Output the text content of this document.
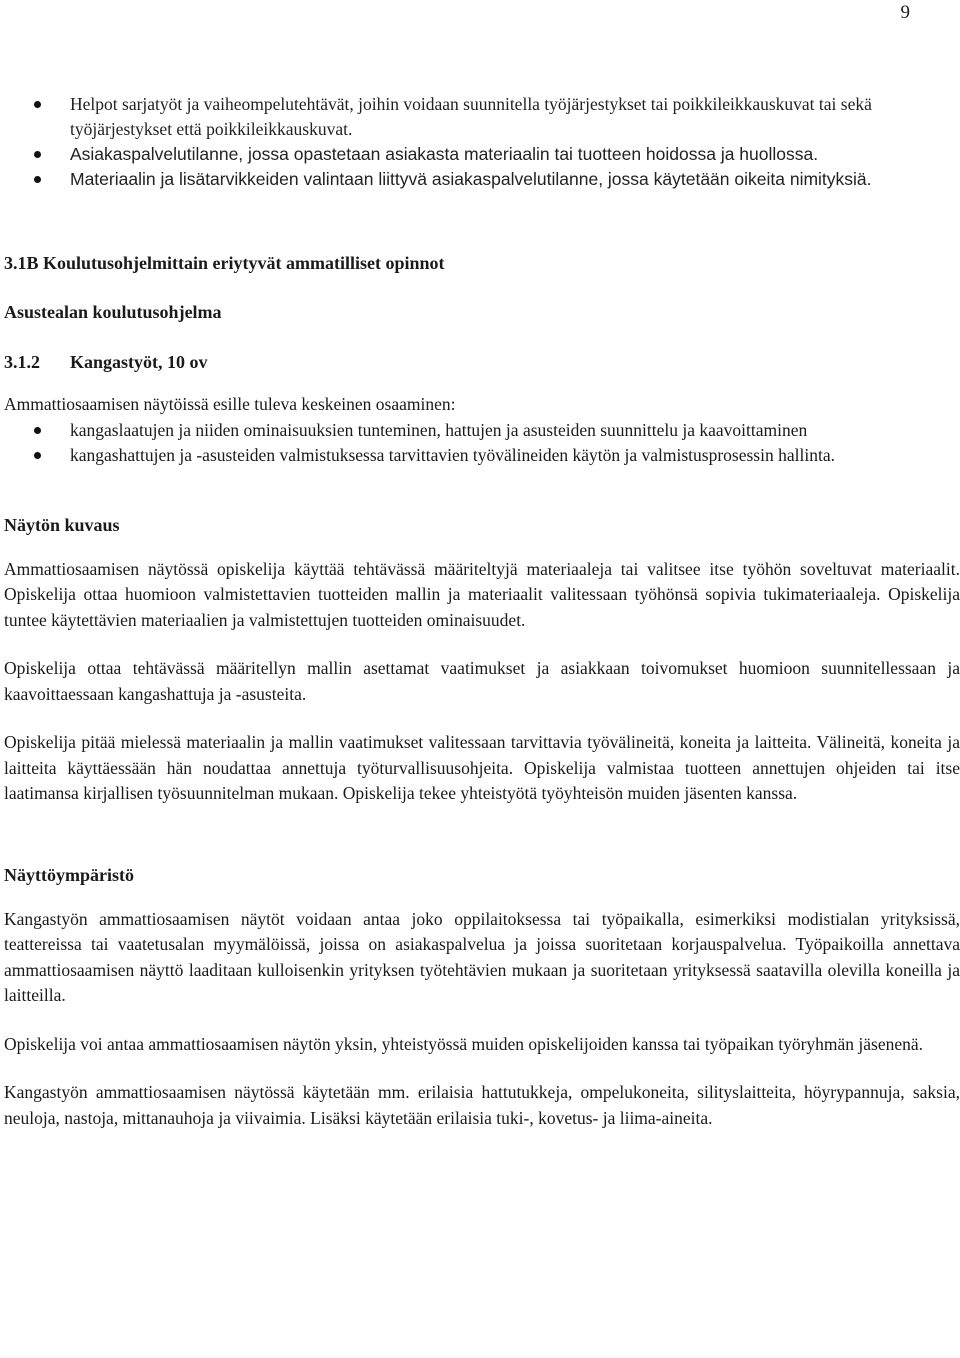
9
Helpot sarjatyöt ja vaiheompelutehtävät, joihin voidaan suunnitella työjärjestykset tai poikkileikkauskuvat tai sekä työjärjestykset että poikkileikkauskuvat.
Asiakaspalvelutilanne, jossa opastetaan asiakasta materiaalin tai tuotteen hoidossa ja huollossa.
Materiaalin ja lisätarvikkeiden valintaan liittyvä asiakaspalvelutilanne, jossa käytetään oikeita nimityksiä.
3.1B Koulutusohjelmittain eriytyvät ammatilliset opinnot
Asustealan koulutusohjelma
3.1.2 Kangastyöt, 10 ov

Ammattiosaamisen näytöissä esille tuleva keskeinen osaaminen:

kangaslaatujen ja niiden ominaisuuksien tunteminen, hattujen ja asusteiden suunnittelu ja kaavoittaminen
kangashattujen ja -asusteiden valmistuksessa tarvittavien työvälineiden käytön ja valmistusprosessin hallinta.
Näytön kuvaus

Ammattiosaamisen näytössä opiskelija käyttää tehtävässä määriteltyjä materiaaleja tai valitsee itse työhön soveltuvat materiaalit. Opiskelija ottaa huomioon valmistettavien tuotteiden mallin ja materiaalit valitessaan työhönsä sopivia tukimateriaaleja. Opiskelija tuntee käytettävien materiaalien ja valmistettujen tuotteiden ominaisuudet.

Opiskelija ottaa tehtävässä määritellyn mallin asettamat vaatimukset ja asiakkaan toivomukset huomioon suunnitellessaan ja kaavoittaessaan kangashattuja ja -asusteita.

Opiskelija pitää mielessä materiaalin ja mallin vaatimukset valitessaan tarvittavia työvälineitä, koneita ja laitteita. Välineitä, koneita ja laitteita käyttäessään hän noudattaa annettuja työturvallisuusohjeita. Opiskelija valmistaa tuotteen annettujen ohjeiden tai itse laatimansa kirjallisen työsuunnitelman mukaan. Opiskelija tekee yhteistyötä työyhteisön muiden jäsenten kanssa.

Näyttöympäristö

Kangastyön ammattiosaamisen näytöt voidaan antaa joko oppilaitoksessa tai työpaikalla, esimerkiksi modistialan yrityksissä, teattereissa tai vaatetusalan myymälöissä, joissa on asiakaspalvelua ja joissa suoritetaan korjauspalvelua. Työpaikoilla annettava ammattiosaamisen näyttö laaditaan kulloisenkin yrityksen työtehtävien mukaan ja suoritetaan yrityksessä saatavilla olevilla koneilla ja laitteilla.

Opiskelija voi antaa ammattiosaamisen näytön yksin, yhteistyössä muiden opiskelijoiden kanssa tai työpaikan työryhmän jäsenenä.

Kangastyön ammattiosaamisen näytössä käytetään mm. erilaisia hattutukkeja, ompelukoneita, silityslaitteita, höyrypannuja, saksia, neuloja, nastoja, mittanauhoja ja viivaimia. Lisäksi käytetään erilaisia tuki-, kovetus- ja liima-aineita.
